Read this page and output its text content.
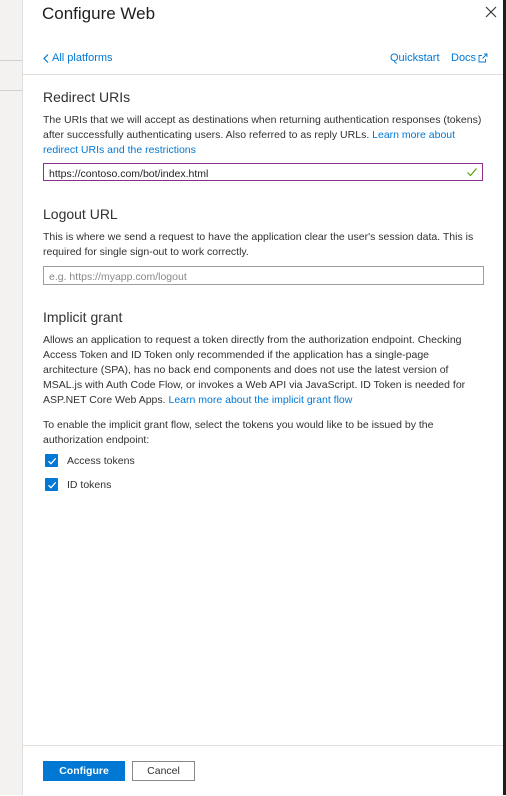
Configure Web
All platforms	Quickstart Docs
Redirect URIs
The URIs that we will accept as destinations when returning authentication responses (tokens) after successfully authenticating users. Also referred to as reply URLs. Learn more about redirect URIs and the restrictions
https://contoso.com/bot/index.html
Logout URL
This is where we send a request to have the application clear the user's session data. This is required for single sign-out to work correctly.
e.g. https://myapp.com/logout
Implicit grant
Allows an application to request a token directly from the authorization endpoint. Checking Access Token and ID Token only recommended if the application has a single-page architecture (SPA), has no back end components and does not use the latest version of MSAL.js with Auth Code Flow, or invokes a Web API via JavaScript. ID Token is needed for ASP.NET Core Web Apps. Learn more about the implicit grant flow
To enable the implicit grant flow, select the tokens you would like to be issued by the authorization endpoint:
Access tokens
ID tokens
Configure	Cancel
